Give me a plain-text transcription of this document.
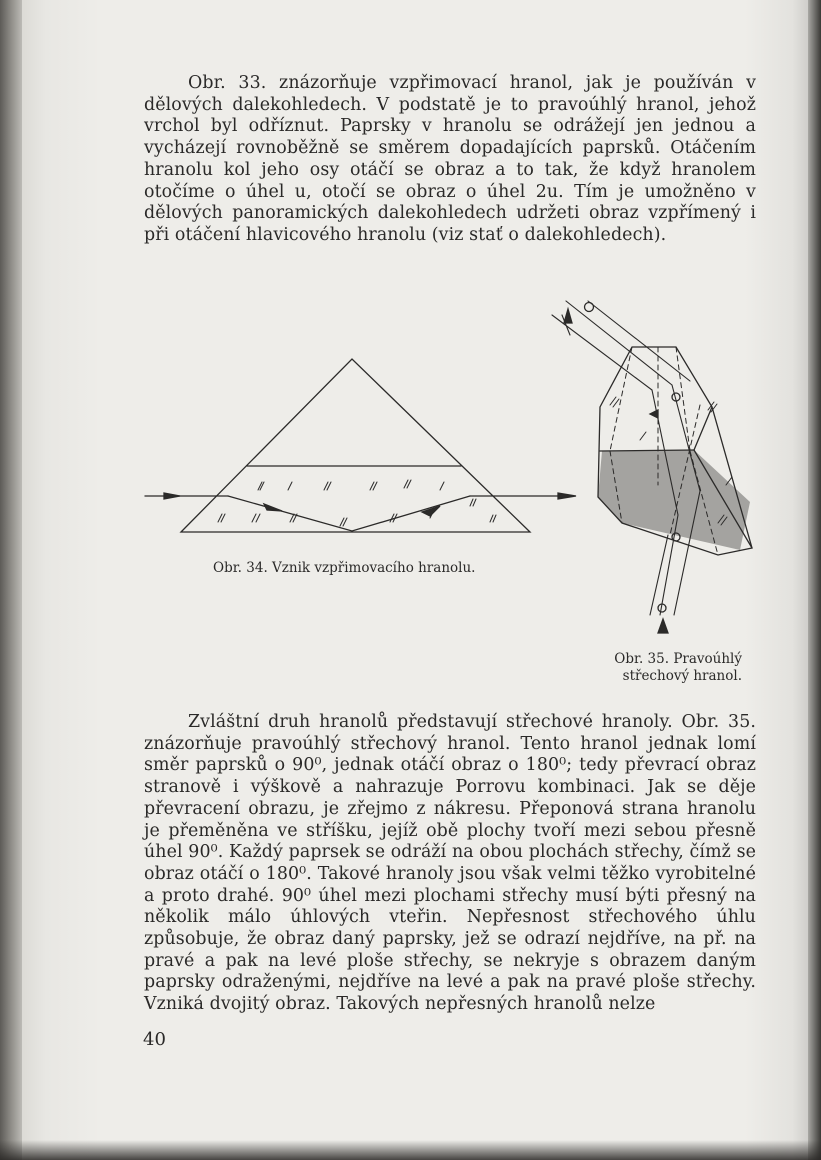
Obr. 33. znázorňuje vzpřimovací hranol, jak je používán v dělových dalekohledech. V podstatě je to pravoúhlý hranol, jehož vrchol byl odříznut. Paprsky v hranolu se odrážejí jen jednou a vycházejí rovnoběžně se směrem dopadajících paprsků. Otáčením hranolu kol jeho osy otáčí se obraz a to tak, že když hranolem otočíme o úhel u, otočí se obraz o úhel 2u. Tím je umožněno v dělových panoramických dalekohledech udržeti obraz vzpřímený i při otáčení hlavicového hranolu (viz stať o dalekohledech).

Obr. 34. Vznik vzpřimovacího hranolu.
Obr. 35. Pravoúhlý
střechový hranol.

Zvláštní druh hranolů představují střechové hranoly. Obr. 35. znázorňuje pravoúhlý střechový hranol. Tento hranol jednak lomí směr paprsků o 90⁰, jednak otáčí obraz o 180⁰; tedy převrací obraz stranově i výškově a nahrazuje Porrovu kombinaci. Jak se děje převracení obrazu, je zřejmo z nákresu. Přeponová strana hranolu je přeměněna ve stříšku, jejíž obě plochy tvoří mezi sebou přesně úhel 90⁰. Každý paprsek se odráží na obou plochách střechy, čímž se obraz otáčí o 180⁰. Takové hranoly jsou však velmi těžko vyrobitelné a proto drahé. 90⁰ úhel mezi plochami střechy musí býti přesný na několik málo úhlových vteřin. Nepřesnost střechového úhlu způsobuje, že obraz daný paprsky, jež se odrazí nejdříve, na př. na pravé a pak na levé ploše střechy, se nekryje s obrazem daným paprsky odraženými, nejdříve na levé a pak na pravé ploše střechy. Vzniká dvojitý obraz. Takových nepřesných hranolů nelze

40
